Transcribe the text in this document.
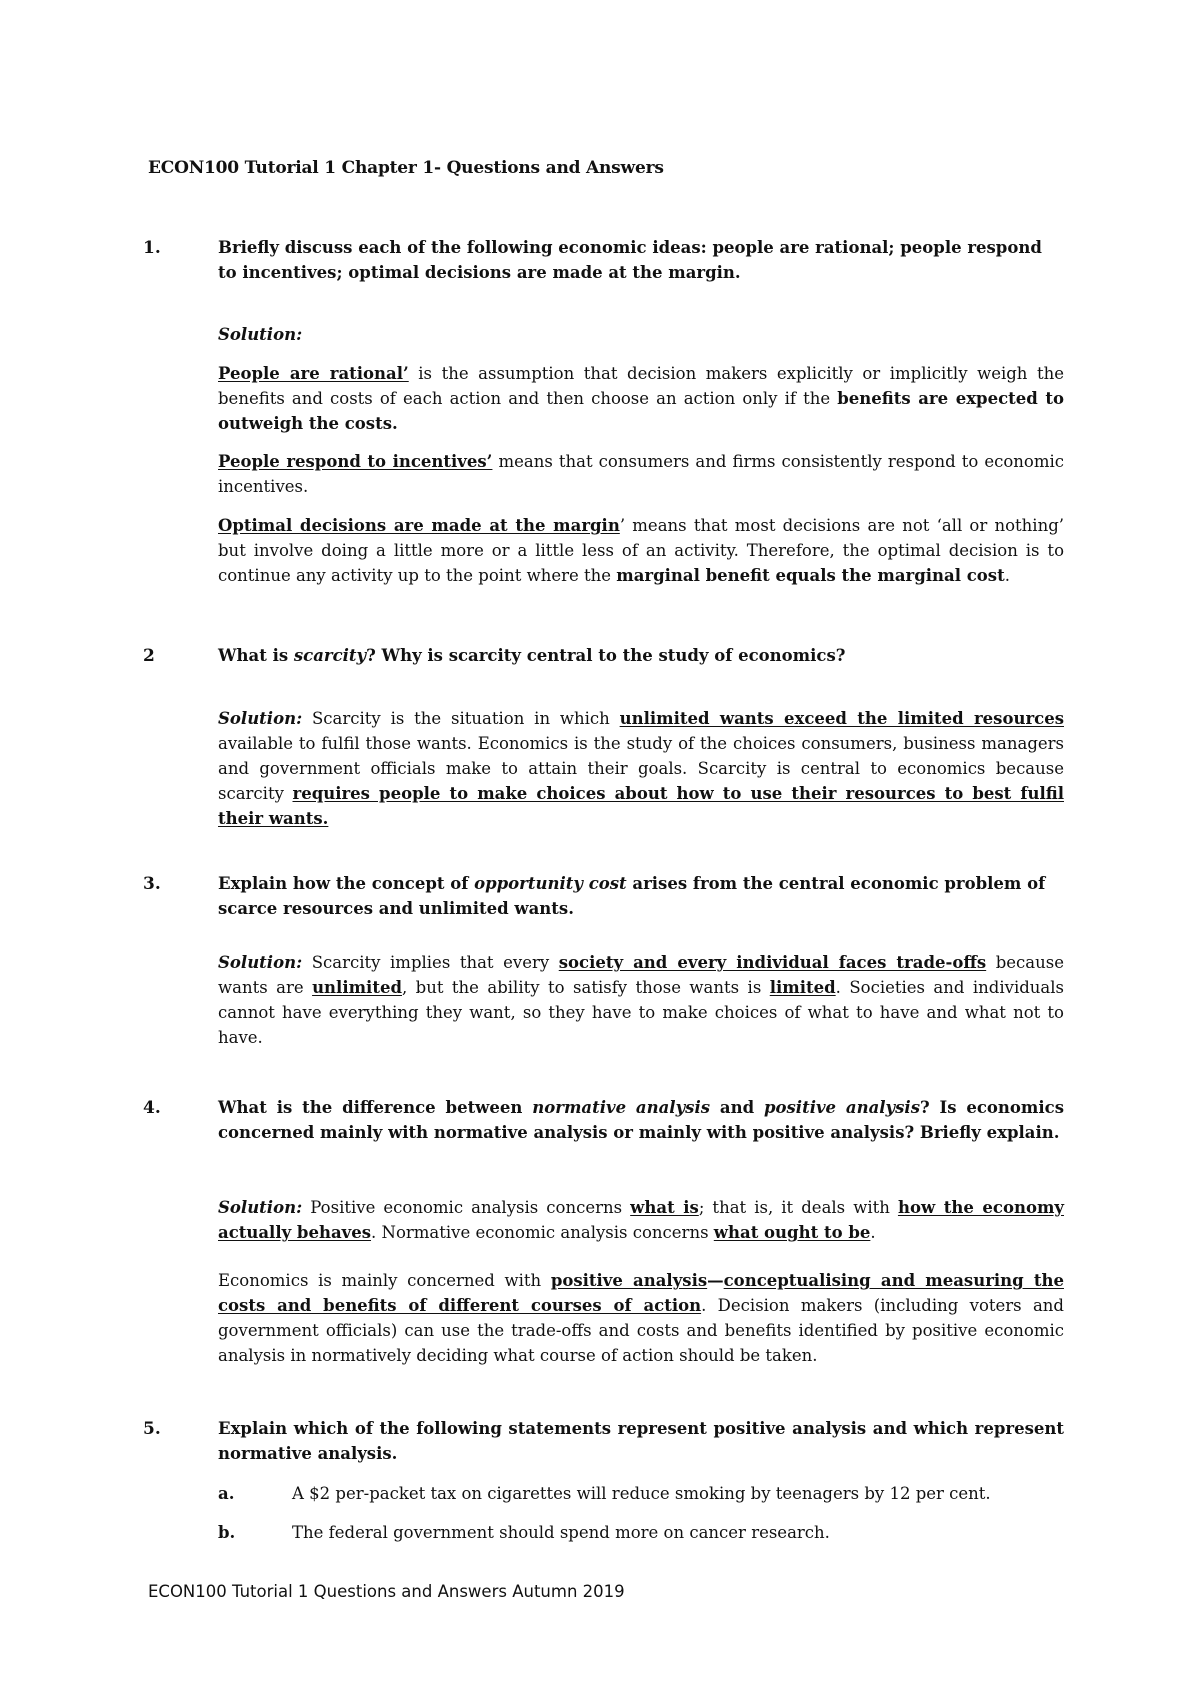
ECON100 Tutorial 1 Chapter 1- Questions and Answers
1.	Briefly discuss each of the following economic ideas: people are rational; people respond to incentives; optimal decisions are made at the margin.
Solution:
People are rational’ is the assumption that decision makers explicitly or implicitly weigh the benefits and costs of each action and then choose an action only if the benefits are expected to outweigh the costs.
People respond to incentives’ means that consumers and firms consistently respond to economic incentives.
Optimal decisions are made at the margin’ means that most decisions are not ‘all or nothing’ but involve doing a little more or a little less of an activity. Therefore, the optimal decision is to continue any activity up to the point where the marginal benefit equals the marginal cost.
2	What is scarcity? Why is scarcity central to the study of economics?
Solution: Scarcity is the situation in which unlimited wants exceed the limited resources available to fulfil those wants. Economics is the study of the choices consumers, business managers and government officials make to attain their goals. Scarcity is central to economics because scarcity requires people to make choices about how to use their resources to best fulfil their wants.
3.	Explain how the concept of opportunity cost arises from the central economic problem of scarce resources and unlimited wants.
Solution: Scarcity implies that every society and every individual faces trade-offs because wants are unlimited, but the ability to satisfy those wants is limited. Societies and individuals cannot have everything they want, so they have to make choices of what to have and what not to have.
4.	What is the difference between normative analysis and positive analysis? Is economics concerned mainly with normative analysis or mainly with positive analysis? Briefly explain.
Solution: Positive economic analysis concerns what is; that is, it deals with how the economy actually behaves. Normative economic analysis concerns what ought to be.
Economics is mainly concerned with positive analysis—conceptualising and measuring the costs and benefits of different courses of action. Decision makers (including voters and government officials) can use the trade-offs and costs and benefits identified by positive economic analysis in normatively deciding what course of action should be taken.
5.	Explain which of the following statements represent positive analysis and which represent normative analysis.
a.	A $2 per-packet tax on cigarettes will reduce smoking by teenagers by 12 per cent.
b.	The federal government should spend more on cancer research.
ECON100 Tutorial 1 Questions and Answers Autumn 2019
